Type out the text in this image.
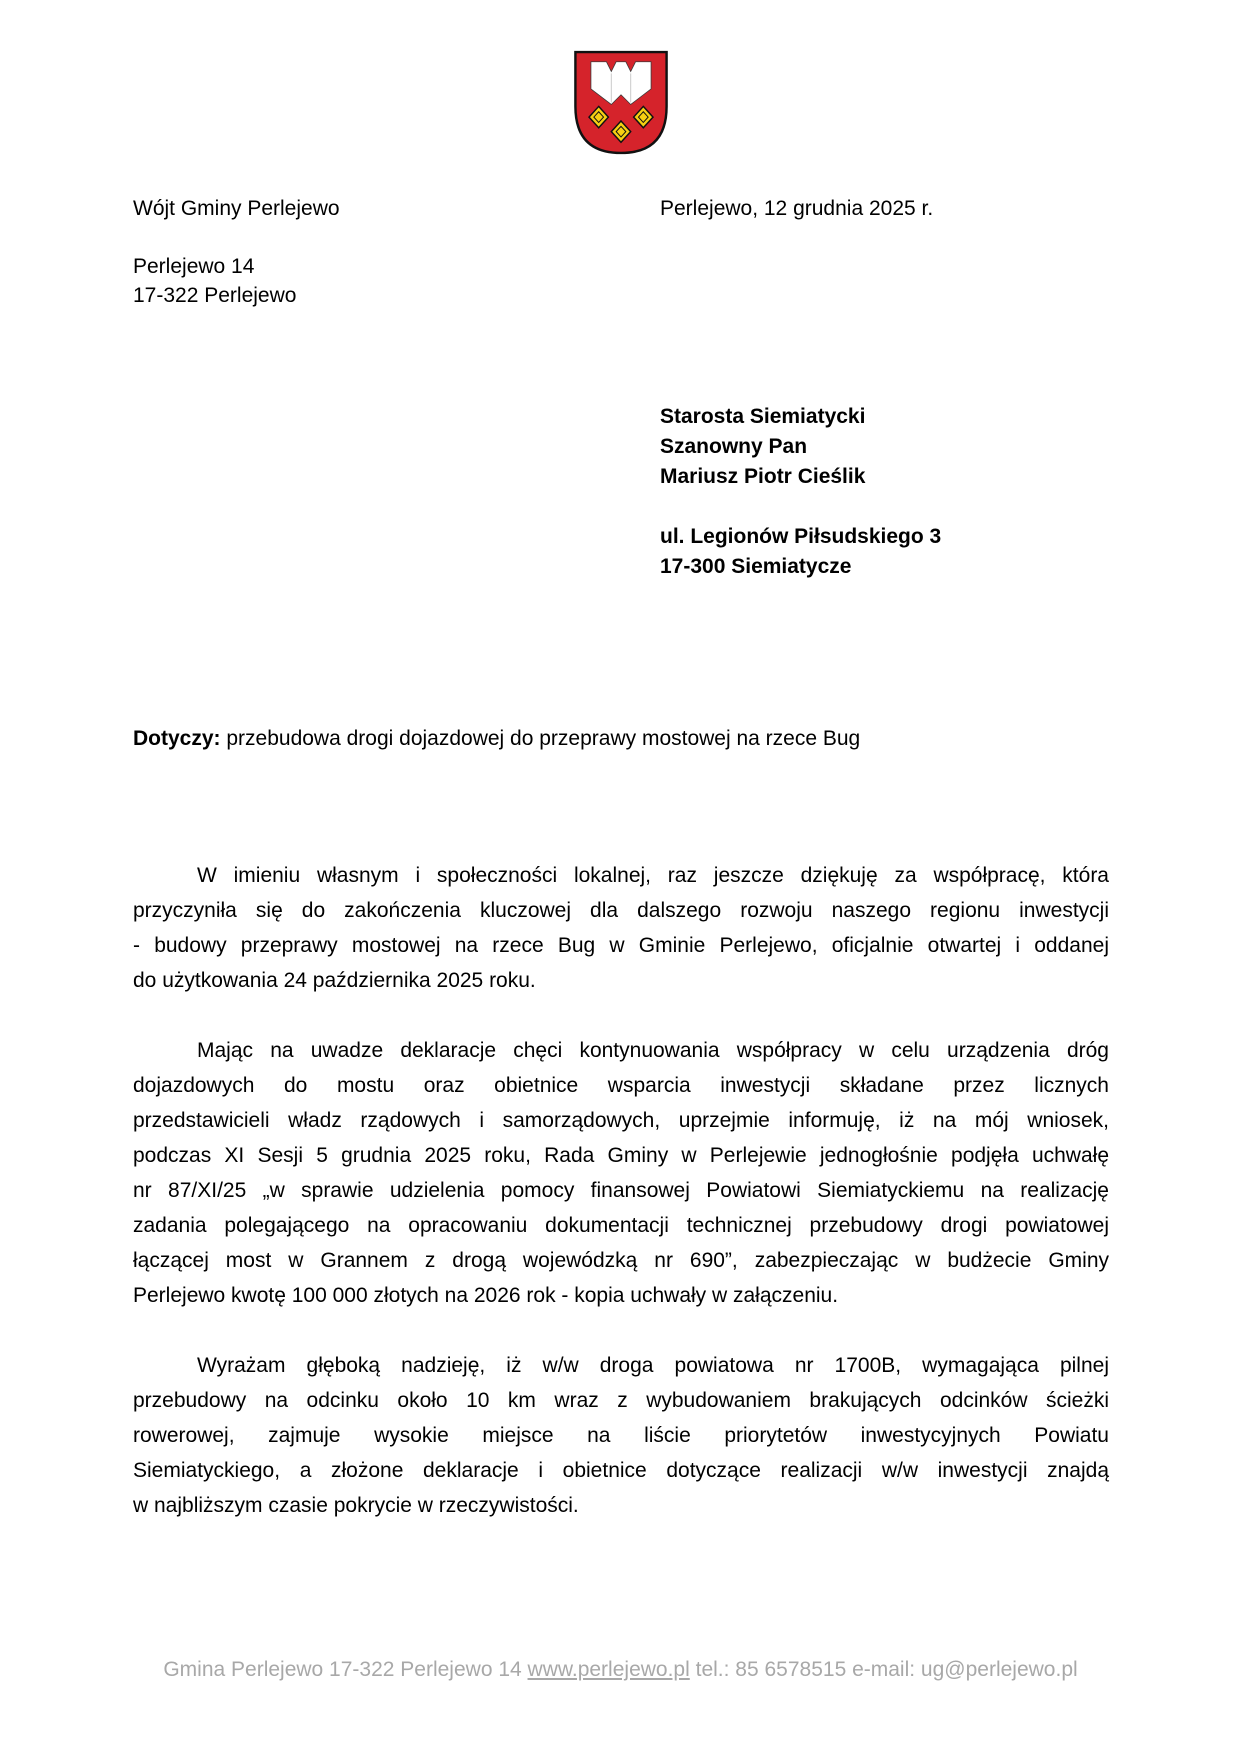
Wójt Gminy Perlejewo
Perlejewo 14
17-322 Perlejewo
Perlejewo, 12 grudnia 2025 r.
Starosta Siemiatycki
Szanowny Pan
Mariusz Piotr Cieślik
ul. Legionów Piłsudskiego 3
17-300 Siemiatycze
Dotyczy: przebudowa drogi dojazdowej do przeprawy mostowej na rzece Bug
W imieniu własnym i społeczności lokalnej, raz jeszcze dziękuję za współpracę, która
przyczyniła się do zakończenia kluczowej dla dalszego rozwoju naszego regionu inwestycji
- budowy przeprawy mostowej na rzece Bug w Gminie Perlejewo, oficjalnie otwartej i oddanej
do użytkowania 24 października 2025 roku.
Mając na uwadze deklaracje chęci kontynuowania współpracy w celu urządzenia dróg
dojazdowych do mostu oraz obietnice wsparcia inwestycji składane przez licznych
przedstawicieli władz rządowych i samorządowych, uprzejmie informuję, iż na mój wniosek,
podczas XI Sesji 5 grudnia 2025 roku, Rada Gminy w Perlejewie jednogłośnie podjęła uchwałę
nr 87/XI/25 „w sprawie udzielenia pomocy finansowej Powiatowi Siemiatyckiemu na realizację
zadania polegającego na opracowaniu dokumentacji technicznej przebudowy drogi powiatowej
łączącej most w Grannem z drogą wojewódzką nr 690”, zabezpieczając w budżecie Gminy
Perlejewo kwotę 100 000 złotych na 2026 rok - kopia uchwały w załączeniu.
Wyrażam głęboką nadzieję, iż w/w droga powiatowa nr 1700B, wymagająca pilnej
przebudowy na odcinku około 10 km wraz z wybudowaniem brakujących odcinków ścieżki
rowerowej, zajmuje wysokie miejsce na liście priorytetów inwestycyjnych Powiatu
Siemiatyckiego, a złożone deklaracje i obietnice dotyczące realizacji w/w inwestycji znajdą
w najbliższym czasie pokrycie w rzeczywistości.
Gmina Perlejewo 17-322 Perlejewo 14 www.perlejewo.pl tel.: 85 6578515 e-mail: ug@perlejewo.pl
